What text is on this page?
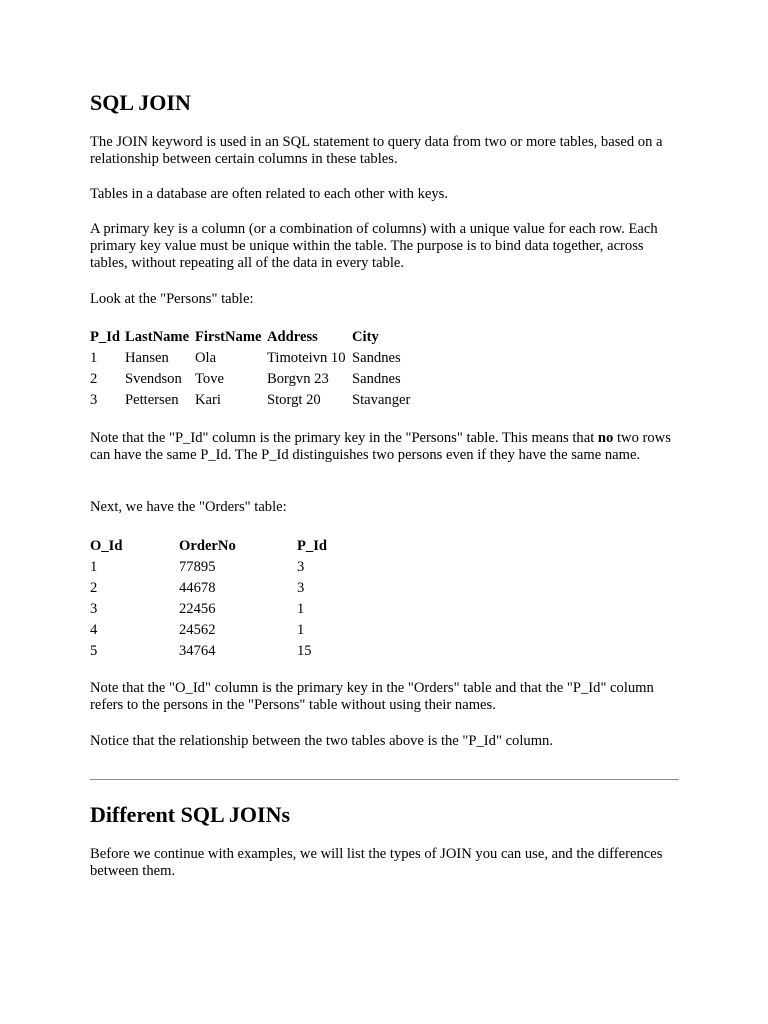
SQL JOIN

The JOIN keyword is used in an SQL statement to query data from two or more tables, based on a relationship between certain columns in these tables.

Tables in a database are often related to each other with keys.

A primary key is a column (or a combination of columns) with a unique value for each row. Each primary key value must be unique within the table. The purpose is to bind data together, across tables, without repeating all of the data in every table.

Look at the "Persons" table:

P_Id	LastName	FirstName	Address	City
1	Hansen	Ola	Timoteivn 10	Sandnes
2	Svendson	Tove	Borgvn 23	Sandnes
3	Pettersen	Kari	Storgt 20	Stavanger

Note that the "P_Id" column is the primary key in the "Persons" table. This means that no two rows can have the same P_Id. The P_Id distinguishes two persons even if they have the same name.

Next, we have the "Orders" table:

O_Id	OrderNo	P_Id
1	77895	3
2	44678	3
3	22456	1
4	24562	1
5	34764	15

Note that the "O_Id" column is the primary key in the "Orders" table and that the "P_Id" column refers to the persons in the "Persons" table without using their names.

Notice that the relationship between the two tables above is the "P_Id" column.

Different SQL JOINs

Before we continue with examples, we will list the types of JOIN you can use, and the differences between them.
